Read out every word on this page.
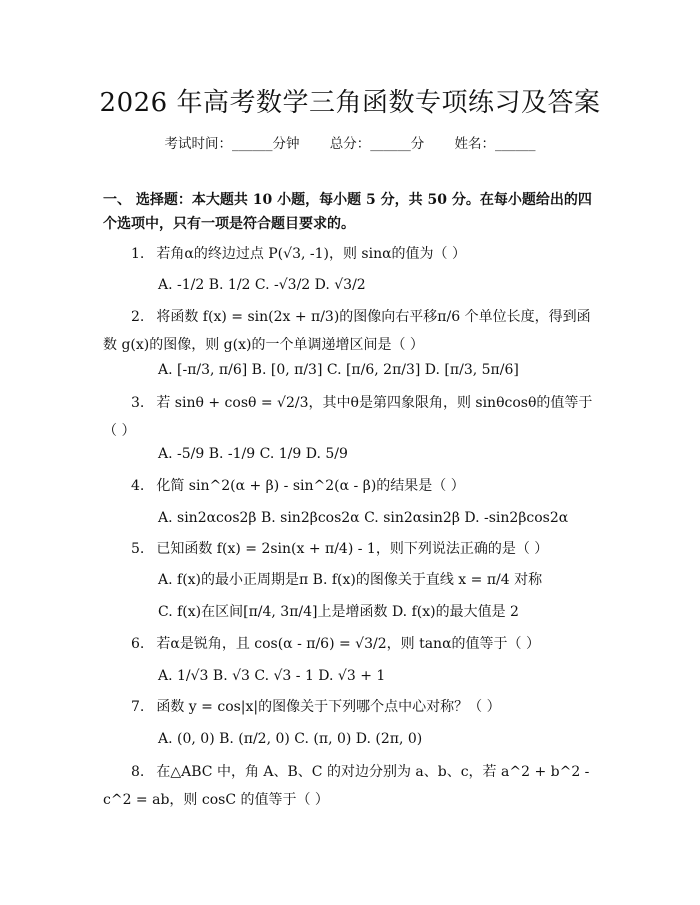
2026 年高考数学三角函数专项练习及答案
考试时间：______分钟 总分：______分 姓名：______
一、 选择题：本大题共 10 小题，每小题 5 分，共 50 分。在每小题给出的四个选项中，只有一项是符合题目要求的。
1. 若角α的终边过点 P(√3, -1)，则 sinα的值为（ ）
A. -1/2 B. 1/2 C. -√3/2 D. √3/2
2. 将函数 f(x) = sin(2x + π/3)的图像向右平移π/6 个单位长度，得到函数 g(x)的图像，则 g(x)的一个单调递增区间是（ ）
A. [-π/3, π/6] B. [0, π/3] C. [π/6, 2π/3] D. [π/3, 5π/6]
3. 若 sinθ + cosθ = √2/3，其中θ是第四象限角，则 sinθcosθ的值等于（ ）
A. -5/9 B. -1/9 C. 1/9 D. 5/9
4. 化简 sin^2(α + β) - sin^2(α - β)的结果是（ ）
A. sin2αcos2β B. sin2βcos2α C. sin2αsin2β D. -sin2βcos2α
5. 已知函数 f(x) = 2sin(x + π/4) - 1，则下列说法正确的是（ ）
A. f(x)的最小正周期是π B. f(x)的图像关于直线 x = π/4 对称
C. f(x)在区间[π/4, 3π/4]上是增函数 D. f(x)的最大值是 2
6. 若α是锐角，且 cos(α - π/6) = √3/2，则 tanα的值等于（ ）
A. 1/√3 B. √3 C. √3 - 1 D. √3 + 1
7. 函数 y = cos|x|的图像关于下列哪个点中心对称？（ ）
A. (0, 0) B. (π/2, 0) C. (π, 0) D. (2π, 0)
8. 在△ABC 中，角 A、B、C 的对边分别为 a、b、c，若 a^2 + b^2 - c^2 = ab，则 cosC 的值等于（ ）
